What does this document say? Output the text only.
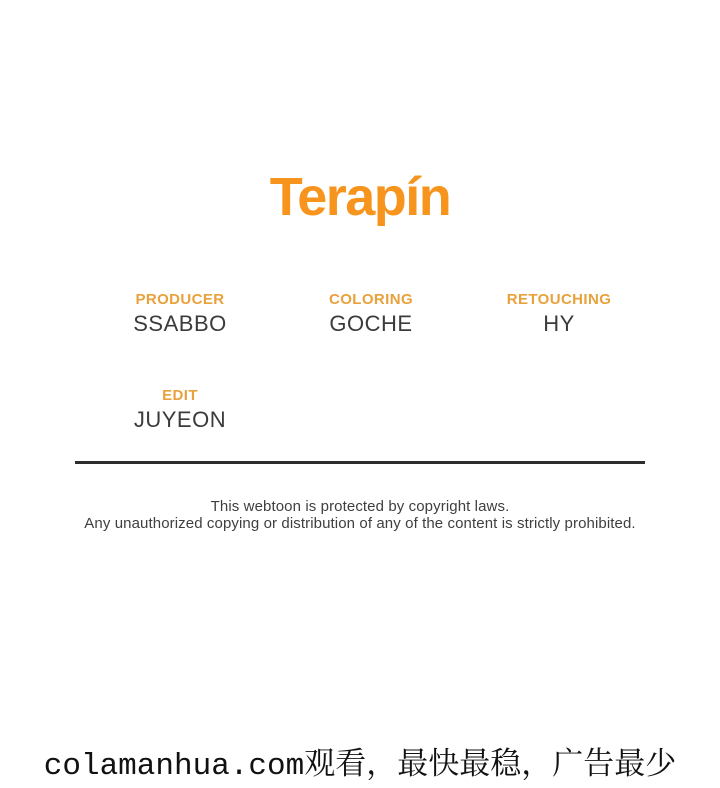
Terapín
PRODUCER
SSABBO
COLORING
GOCHE
RETOUCHING
HY
EDIT
JUYEON
This webtoon is protected by copyright laws.
Any unauthorized copying or distribution of any of the content is strictly prohibited.
colamanhua.com观看，最快最稳，广告最少
